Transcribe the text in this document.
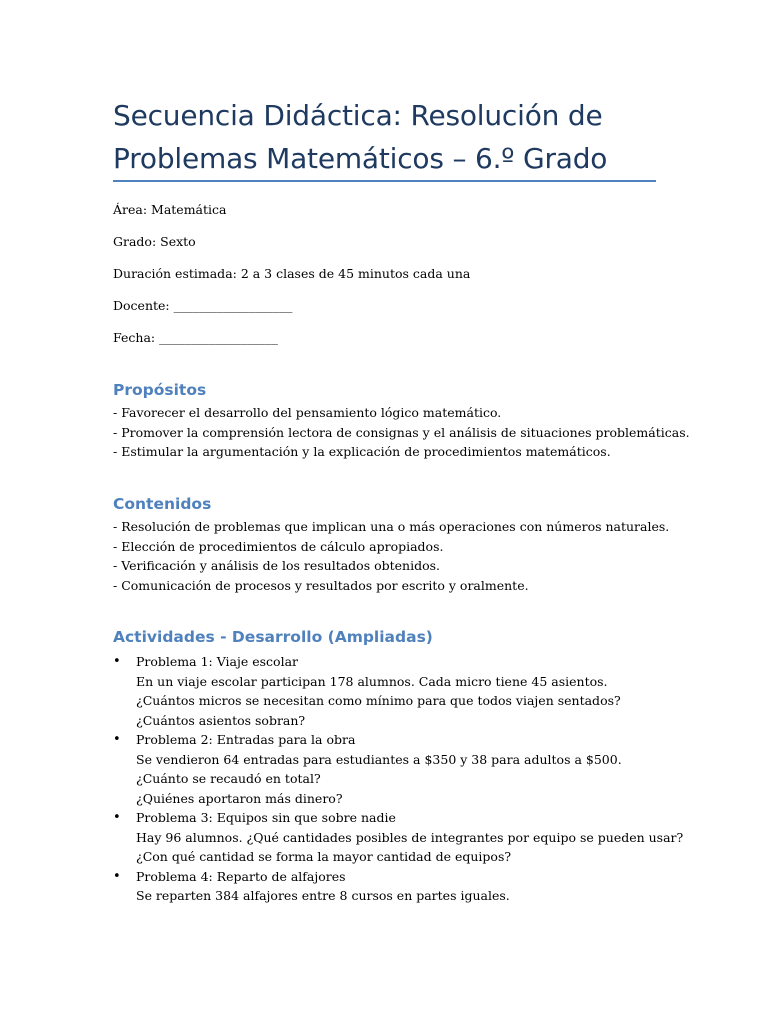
Secuencia Didáctica: Resolución de
Problemas Matemáticos – 6.º Grado

Área: Matemática

Grado: Sexto

Duración estimada: 2 a 3 clases de 45 minutos cada una

Docente: ___________________

Fecha: ___________________

Propósitos
- Favorecer el desarrollo del pensamiento lógico matemático.
- Promover la comprensión lectora de consignas y el análisis de situaciones problemáticas.
- Estimular la argumentación y la explicación de procedimientos matemáticos.
Contenidos
- Resolución de problemas que implican una o más operaciones con números naturales.
- Elección de procedimientos de cálculo apropiados.
- Verificación y análisis de los resultados obtenidos.
- Comunicación de procesos y resultados por escrito y oralmente.
Actividades - Desarrollo (Ampliadas)
• Problema 1: Viaje escolar
En un viaje escolar participan 178 alumnos. Cada micro tiene 45 asientos.
¿Cuántos micros se necesitan como mínimo para que todos viajen sentados?
¿Cuántos asientos sobran?
• Problema 2: Entradas para la obra
Se vendieron 64 entradas para estudiantes a $350 y 38 para adultos a $500.
¿Cuánto se recaudó en total?
¿Quiénes aportaron más dinero?
• Problema 3: Equipos sin que sobre nadie
Hay 96 alumnos. ¿Qué cantidades posibles de integrantes por equipo se pueden usar?
¿Con qué cantidad se forma la mayor cantidad de equipos?
• Problema 4: Reparto de alfajores
Se reparten 384 alfajores entre 8 cursos en partes iguales.
